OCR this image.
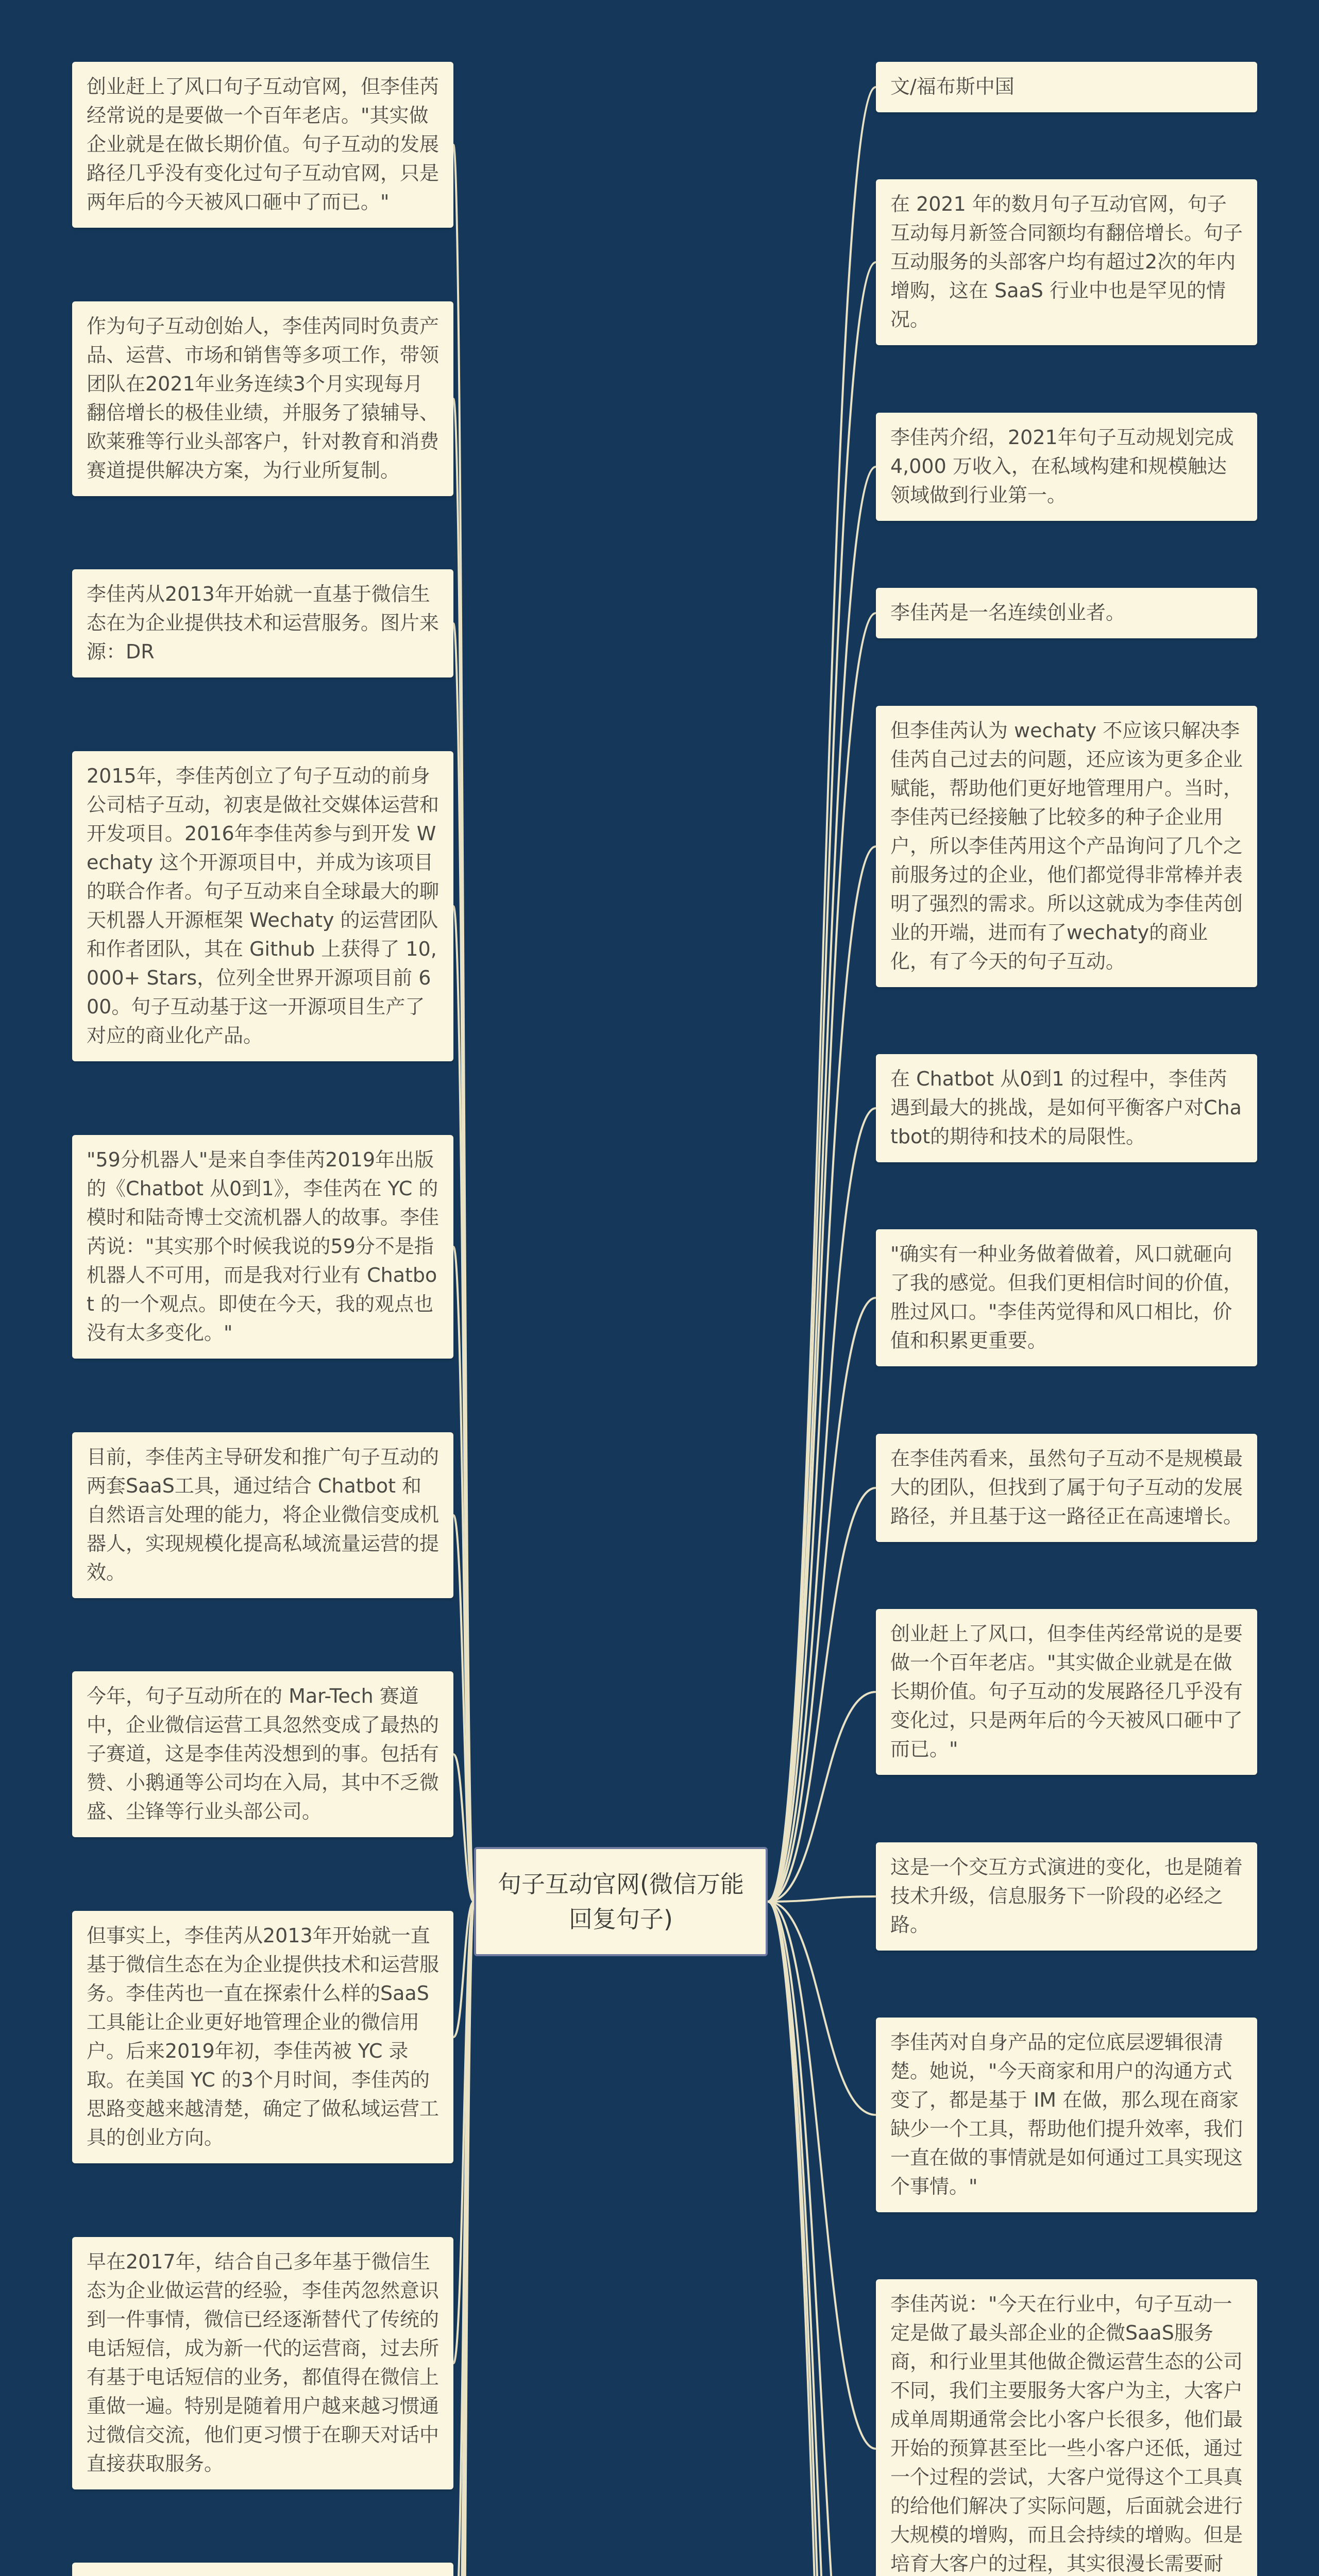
句子互动官网(微信万能回复句子)
创业赶上了风口句子互动官网，但李佳芮经常说的是要做一个百年老店。"其实做企业就是在做长期价值。句子互动的发展路径几乎没有变化过句子互动官网，只是两年后的今天被风口砸中了而已。"
作为句子互动创始人，李佳芮同时负责产品、运营、市场和销售等多项工作，带领团队在2021年业务连续3个月实现每月翻倍增长的极佳业绩，并服务了猿辅导、欧莱雅等行业头部客户，针对教育和消费赛道提供解决方案，为行业所复制。
李佳芮从2013年开始就一直基于微信生态在为企业提供技术和运营服务。图片来源：DR
2015年，李佳芮创立了句子互动的前身公司桔子互动，初衷是做社交媒体运营和开发项目。2016年李佳芮参与到开发 Wechaty 这个开源项目中，并成为该项目的联合作者。句子互动来自全球最大的聊天机器人开源框架 Wechaty 的运营团队和作者团队，其在 Github 上获得了 10,000+ Stars，位列全世界开源项目前 600。句子互动基于这一开源项目生产了对应的商业化产品。
"59分机器人"是来自李佳芮2019年出版的《Chatbot 从0到1》，李佳芮在 YC 的模时和陆奇博士交流机器人的故事。李佳芮说："其实那个时候我说的59分不是指机器人不可用，而是我对行业有 Chatbot 的一个观点。即使在今天，我的观点也没有太多变化。"
目前，李佳芮主导研发和推广句子互动的两套SaaS工具，通过结合 Chatbot 和自然语言处理的能力，将企业微信变成机器人，实现规模化提高私域流量运营的提效。
今年，句子互动所在的 Mar-Tech 赛道中，企业微信运营工具忽然变成了最热的子赛道，这是李佳芮没想到的事。包括有赞、小鹅通等公司均在入局，其中不乏微盛、尘锋等行业头部公司。
但事实上，李佳芮从2013年开始就一直基于微信生态在为企业提供技术和运营服务。李佳芮也一直在探索什么样的SaaS工具能让企业更好地管理企业的微信用户。后来2019年初，李佳芮被 YC 录取。在美国 YC 的3个月时间，李佳芮的思路变越来越清楚，确定了做私域运营工具的创业方向。
早在2017年，结合自己多年基于微信生态为企业做运营的经验，李佳芮忽然意识到一件事情，微信已经逐渐替代了传统的电话短信，成为新一代的运营商，过去所有基于电话短信的业务，都值得在微信上重做一遍。特别是随着用户越来越习惯通过微信交流，他们更习惯于在聊天对话中直接获取服务。
文/福布斯中国
在 2021 年的数月句子互动官网，句子互动每月新签合同额均有翻倍增长。句子互动服务的头部客户均有超过2次的年内增购，这在 SaaS 行业中也是罕见的情况。
李佳芮介绍，2021年句子互动规划完成 4,000 万收入，在私域构建和规模触达领域做到行业第一。
李佳芮是一名连续创业者。
但李佳芮认为 wechaty 不应该只解决李佳芮自己过去的问题，还应该为更多企业赋能，帮助他们更好地管理用户。当时，李佳芮已经接触了比较多的种子企业用户，所以李佳芮用这个产品询问了几个之前服务过的企业，他们都觉得非常棒并表明了强烈的需求。所以这就成为李佳芮创业的开端，进而有了wechaty的商业化，有了今天的句子互动。
在 Chatbot 从0到1 的过程中，李佳芮遇到最大的挑战，是如何平衡客户对Chatbot的期待和技术的局限性。
"确实有一种业务做着做着，风口就砸向了我的感觉。但我们更相信时间的价值，胜过风口。"李佳芮觉得和风口相比，价值和积累更重要。
在李佳芮看来，虽然句子互动不是规模最大的团队，但找到了属于句子互动的发展路径，并且基于这一路径正在高速增长。
创业赶上了风口，但李佳芮经常说的是要做一个百年老店。"其实做企业就是在做长期价值。句子互动的发展路径几乎没有变化过，只是两年后的今天被风口砸中了而已。"
这是一个交互方式演进的变化，也是随着技术升级，信息服务下一阶段的必经之路。
李佳芮对自身产品的定位底层逻辑很清楚。她说，"今天商家和用户的沟通方式变了，都是基于 IM 在做，那么现在商家缺少一个工具，帮助他们提升效率，我们一直在做的事情就是如何通过工具实现这个事情。"
李佳芮说："今天在行业中，句子互动一定是做了最头部企业的企微SaaS服务商，和行业里其他做企微运营生态的公司不同，我们主要服务大客户为主，大客户成单周期通常会比小客户长很多，他们最开始的预算甚至比一些小客户还低，通过一个过程的尝试，大客户觉得这个工具真的给他们解决了实际问题，后面就会进行大规模的增购，而且会持续的增购。但是培育大客户的过程，其实很漫长需要耐
